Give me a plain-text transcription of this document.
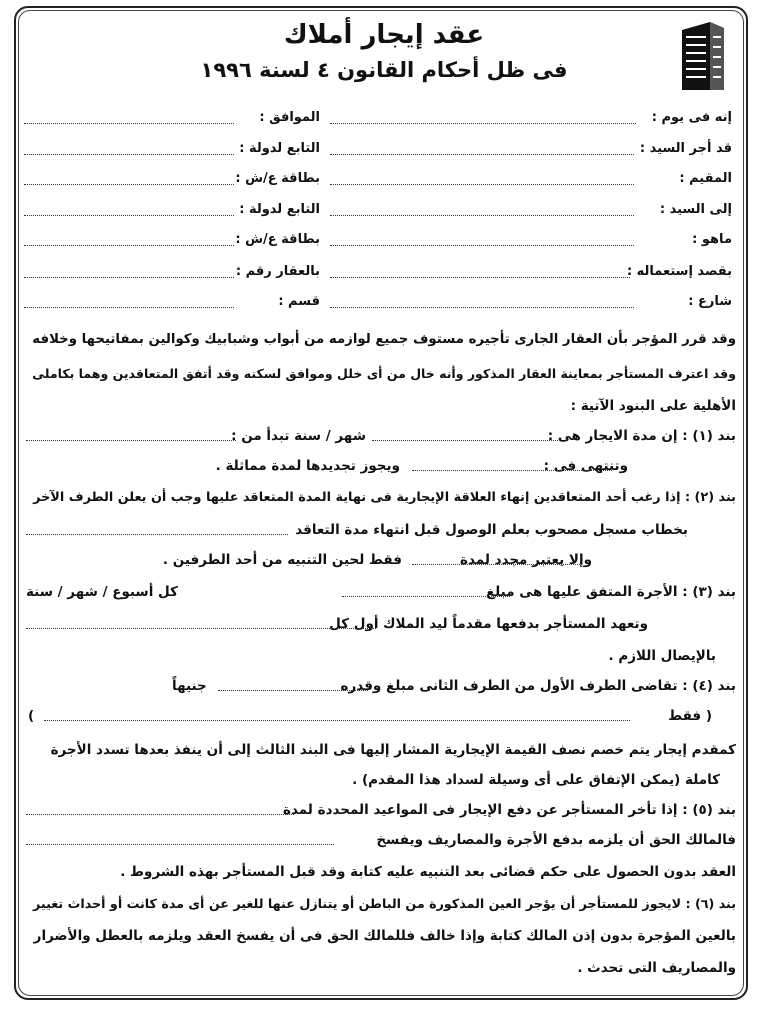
عقد إيجار أملاك
فى ظل أحكام القانون ٤ لسنة ١٩٩٦
إنه فى يوم :
قد أجر السيد :
المقيم :
إلى السيد :
ماهو :
بقصد إستعماله :
شارع :
الموافق :
التابع لدولة :
بطاقة ع/ش :
التابع لدولة :
بطاقة ع/ش :
بالعقار رقم :
قسم :
وقد قرر المؤجر بأن العقار الجارى تأجيره مستوف جميع لوازمه من أبواب وشبابيك وكوالين بمفاتيحها وخلافه
وقد اعترف المستأجر بمعاينة العقار المذكور وأنه خال من أى خلل وموافق لسكنه وقد أتفق المتعاقدين وهما بكاملى
الأهلية على البنود الآتية :
بند (١) : إن مدة الايجار هى :
شهر / سنة تبدأ من :
وتنتهى فى :
ويجوز تجديدها لمدة مماثلة .
بند (٢) : إذا رغب أحد المتعاقدين إنهاء العلاقة الإيجارية فى نهاية المدة المتعاقد عليها وجب أن يعلن الطرف الآخر
بخطاب مسجل مصحوب بعلم الوصول قبل انتهاء مدة التعاقد
وإلا يعتبر مجدد لمدة
فقط لحين التنبيه من أحد الطرفين .
بند (٣) : الأجرة المتفق عليها هى مبلغ
كل أسبوع / شهر / سنة
وتعهد المستأجر بدفعها مقدماً ليد الملاك أول كل
بالإيصال اللازم .
بند (٤) : تقاضى الطرف الأول من الطرف الثانى مبلغ وقدره
جنيهاً
( فقط
)
كمقدم إيجار يتم خصم نصف القيمة الإيجارية المشار إليها فى البند الثالث إلى أن ينفذ بعدها تسدد الأجرة
كاملة (يمكن الإتفاق على أى وسيلة لسداد هذا المقدم) .
بند (٥) : إذا تأخر المستأجر عن دفع الإيجار فى المواعيد المحددة لمدة
فالمالك الحق أن يلزمه بدفع الأجرة والمصاريف ويفسخ
العقد بدون الحصول على حكم قضائى بعد التنبيه عليه كتابة وقد قبل المستأجر بهذه الشروط .
بند (٦) : لايجوز للمستأجر أن يؤجر العين المذكورة من الباطن أو يتنازل عنها للغير عن أى مدة كانت أو أحداث تغيير
بالعين المؤجرة بدون إذن المالك كتابة وإذا خالف فللمالك الحق فى أن يفسخ العقد ويلزمه بالعطل والأضرار
والمصاريف التى تحدث .
